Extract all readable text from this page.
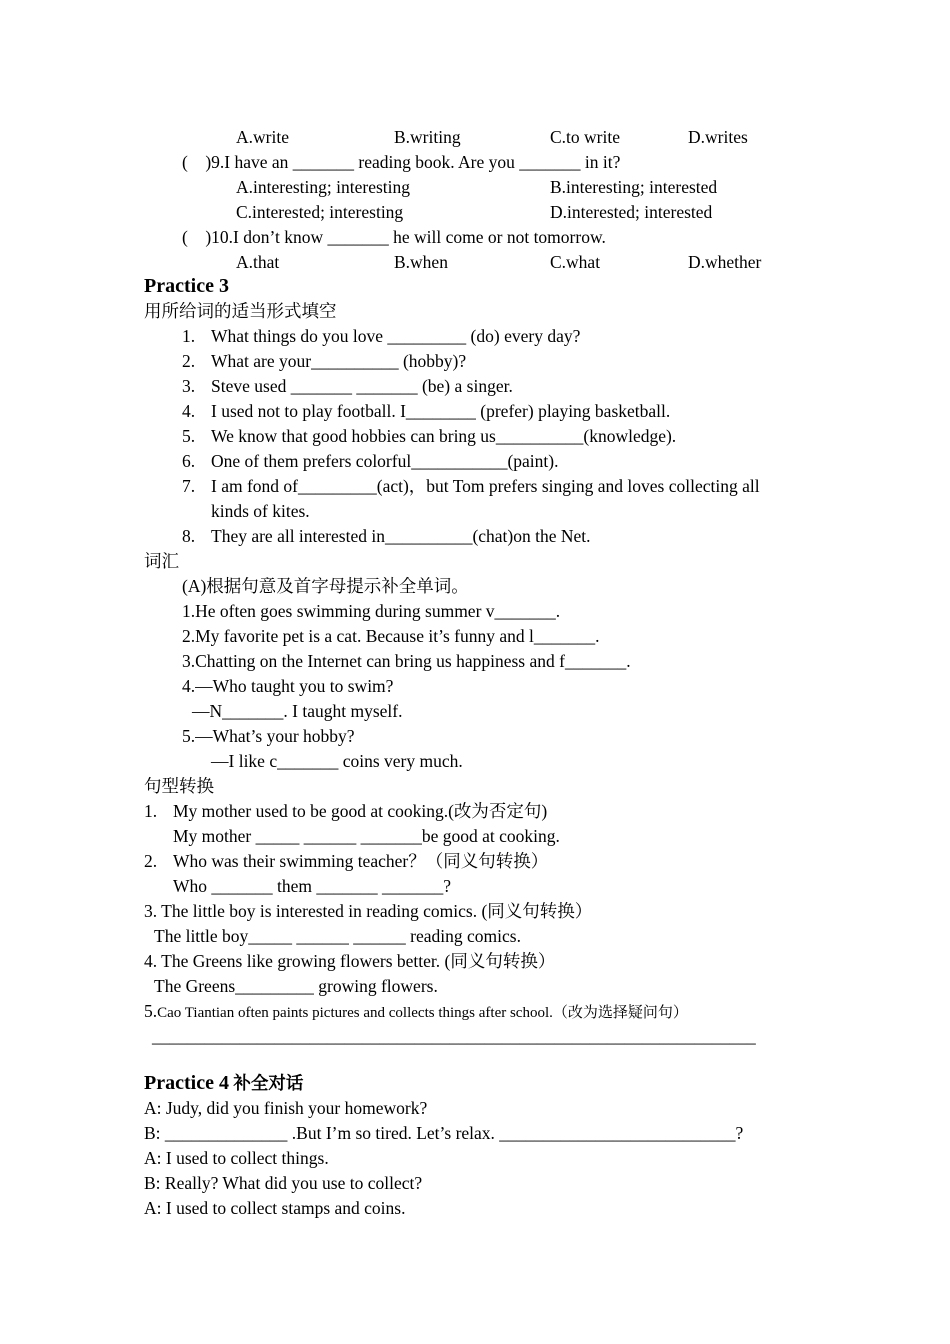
A.write	B.writing	C.to write	D.writes
(    )9.I have an _______ reading book. Are you _______ in it?
A.interesting; interesting	B.interesting; interested
C.interested; interesting	D.interested; interested
(    )10.I don’t know _______ he will come or not tomorrow.
A.that	B.when	C.what	D.whether
Practice 3
用所给词的适当形式填空
1. What things do you love _________ (do) every day?
2. What are your__________ (hobby)?
3. Steve used _______ _______ (be) a singer.
4. I used not to play football. I________ (prefer) playing basketball.
5. We know that good hobbies can bring us__________(knowledge).
6. One of them prefers colorful___________(paint).
7. I am fond of_________(act)，but Tom prefers singing and loves collecting all
kinds of kites.
8. They are all interested in__________(chat)on the Net.
词汇
(A)根据句意及首字母提示补全单词。
1.He often goes swimming during summer v_______.
2.My favorite pet is a cat. Because it’s funny and l_______.
3.Chatting on the Internet can bring us happiness and f_______.
4.—Who taught you to swim?
—N_______. I taught myself.
5.—What’s your hobby?
—I like c_______ coins very much.
句型转换
1. My mother used to be good at cooking.(改为否定句)
My mother _____ ______ _______be good at cooking.
2. Who was their swimming teacher？（同义句转换）
Who _______ them _______ _______?
3. The little boy is interested in reading comics. (同义句转换）
The little boy_____ ______ ______ reading comics.
4. The Greens like growing flowers better. (同义句转换）
The Greens_________ growing flowers.
5.Cao Tiantian often paints pictures and collects things after school.（改为选择疑问句）
_____________________________________________________________________
Practice 4 补全对话
A: Judy, did you finish your homework?
B: ______________ .But I’m so tired. Let’s relax. ___________________________?
A: I used to collect things.
B: Really? What did you use to collect?
A: I used to collect stamps and coins.
